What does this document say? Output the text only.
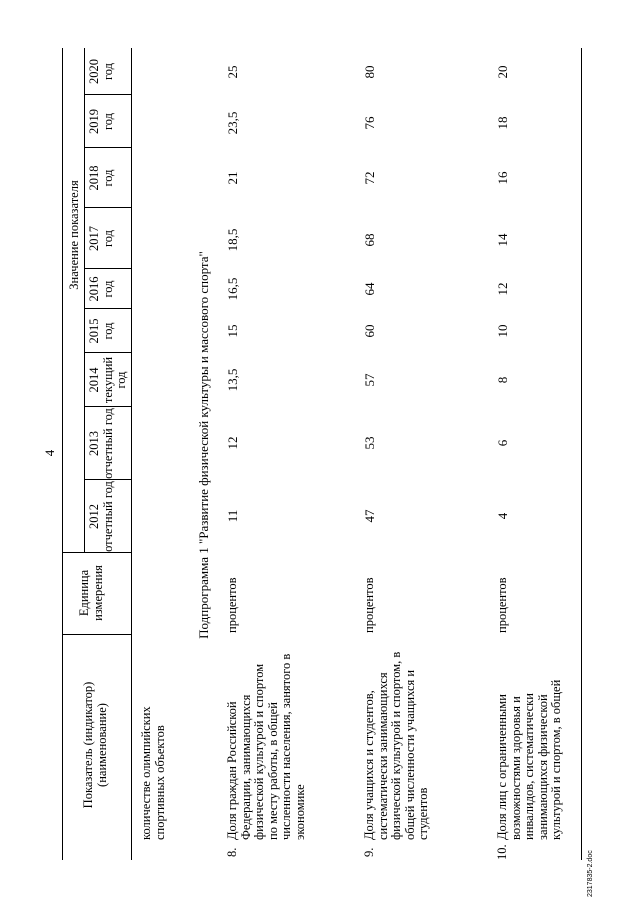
4
Показатель (индикатор) (наименование)
Единица измерения
Значение показателя
2012 отчетный год
2013 отчетный год
2014 текущий год
2015 год
2016 год
2017 год
2018 год
2019 год
2020 год
количестве олимпийских спортивных объектов
Подпрограмма 1 "Развитие физической культуры и массового спорта"
8.
Доля граждан Российской Федерации, занимающихся физической культурой и спортом по месту работы, в общей численности населения, занятого в экономике
процентов
11
12
13,5
15
16,5
18,5
21
23,5
25
9.
Доля учащихся и студентов, систематически занимающихся физической культурой и спортом, в общей численности учащихся и студентов
процентов
47
53
57
60
64
68
72
76
80
10.
Доля лиц с ограниченными возможностями здоровья и инвалидов, систематически занимающихся физической культурой и спортом, в общей
процентов
4
6
8
10
12
14
16
18
20
2317835-2.doc
